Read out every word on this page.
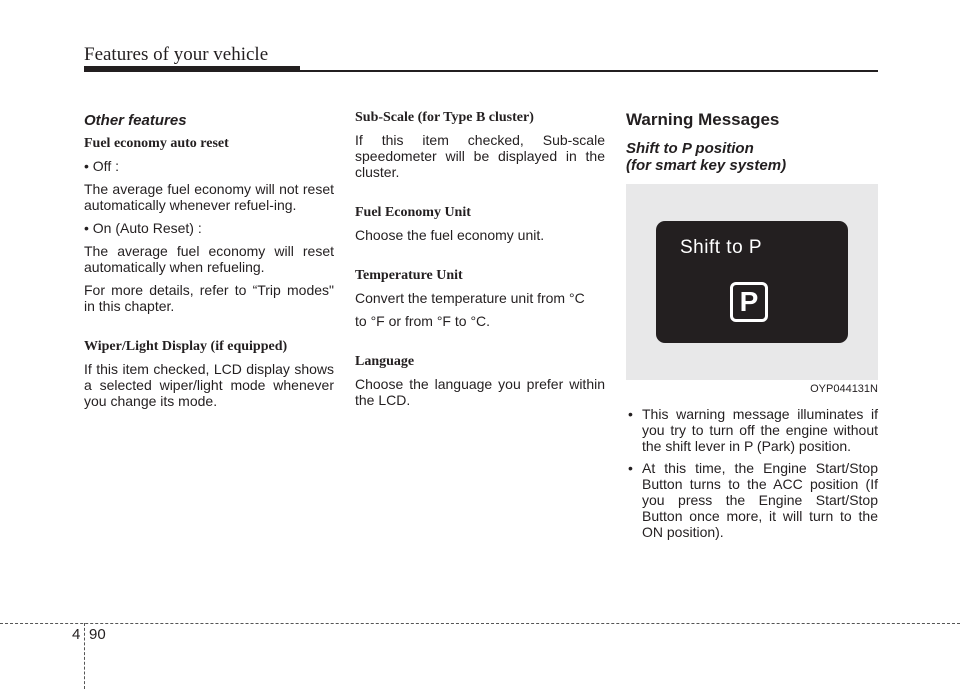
Features of your vehicle
Other features
Fuel economy auto reset
• Off :
The average fuel economy will not reset automatically whenever refuel-ing.
• On (Auto Reset) :
The average fuel economy will reset automatically when refueling.
For more details, refer to “Trip modes" in this chapter.
Wiper/Light Display (if equipped)
If this item checked, LCD display shows a selected wiper/light mode whenever you change its mode.
Sub-Scale (for Type B cluster)
If this item checked, Sub-scale speedometer will be displayed in the cluster.
Fuel Economy Unit
Choose the fuel economy unit.
Temperature Unit
Convert the temperature unit from °C
to °F or from °F to °C.
Language
Choose the language you prefer within the LCD.
Warning Messages
Shift to P position
(for smart key system)
Shift to P
P
OYP044131N
• This warning message illuminates if you try to turn off the engine without the shift lever in P (Park) position.
• At this time, the Engine Start/Stop Button turns to the ACC position (If you press the Engine Start/Stop Button once more, it will turn to the ON position).
4 90
